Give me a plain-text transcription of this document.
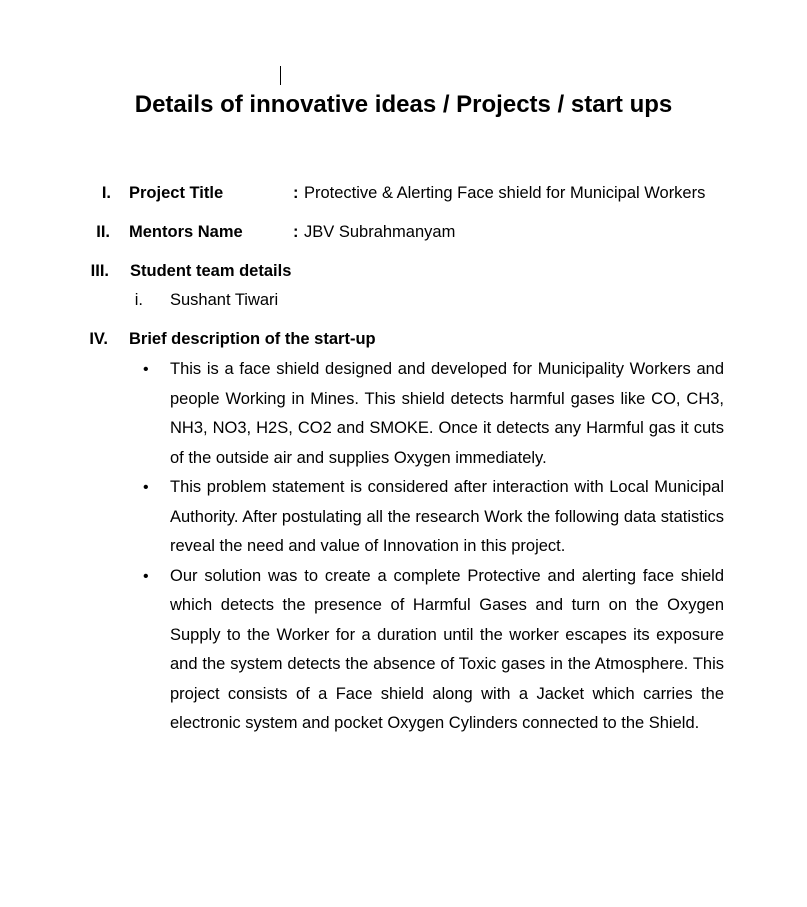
Details of innovative ideas / Projects / start ups
I. Project Title	: Protective & Alerting Face shield for Municipal Workers
II. Mentors Name	: JBV Subrahmanyam
III. Student team details
i. Sushant Tiwari
IV. Brief description of the start-up
• This is a face shield designed and developed for Municipality Workers and people Working in Mines. This shield detects harmful gases like CO, CH3, NH3, NO3, H2S, CO2 and SMOKE. Once it detects any Harmful gas it cuts of the outside air and supplies Oxygen immediately.
• This problem statement is considered after interaction with Local Municipal Authority. After postulating all the research Work the following data statistics reveal the need and value of Innovation in this project.
• Our solution was to create a complete Protective and alerting face shield which detects the presence of Harmful Gases and turn on the Oxygen Supply to the Worker for a duration until the worker escapes its exposure and the system detects the absence of Toxic gases in the Atmosphere. This project consists of a Face shield along with a Jacket which carries the electronic system and pocket Oxygen Cylinders connected to the Shield.
